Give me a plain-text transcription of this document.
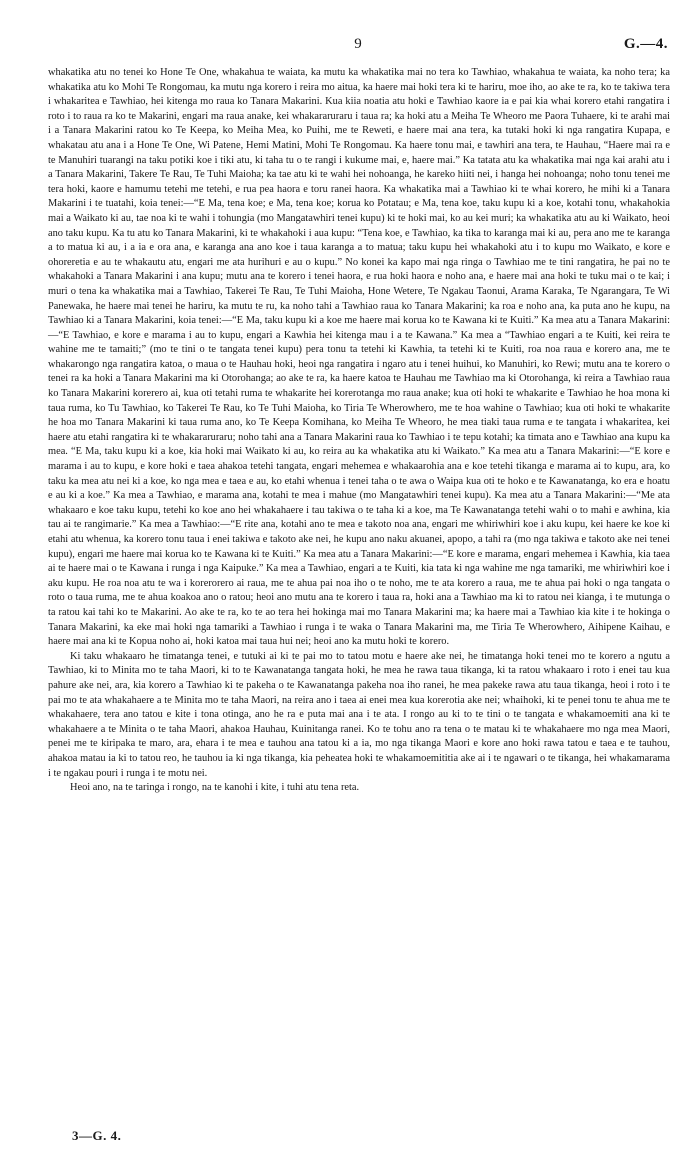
9	G.—4.

whakatika atu no tenei ko Hone Te One, whakahua te waiata, ka mutu ka whakatika mai no tera ko Tawhiao, whakahua te waiata, ka noho tera; ka whakatika atu ko Mohi Te Rongomau, ka mutu nga korero i reira mo aitua, ka haere mai hoki tera ki te hariru, moe iho, ao ake te ra, ko te takiwa tera i whakaritea e Tawhiao, hei kitenga mo raua ko Tanara Makarini. Kua kiia noatia atu hoki e Tawhiao kaore ia e pai kia whai korero etahi rangatira i roto i to raua ra ko te Makarini, engari ma raua anake, kei whakararuraru i taua ra; ka hoki atu a Meiha Te Wheoro me Paora Tuhaere, ki te arahi mai i a Tanara Makarini ratou ko Te Keepa, ko Meiha Mea, ko Puihi, me te Reweti, e haere mai ana tera, ka tutaki hoki ki nga rangatira Kupapa, e whakatau atu ana i a Hone Te One, Wi Patene, Hemi Matini, Mohi Te Rongomau. Ka haere tonu mai, e tawhiri ana tera, te Hauhau, “Haere mai ra e te Manuhiri tuarangi na taku potiki koe i tiki atu, ki taha tu o te rangi i kukume mai, e, haere mai.” Ka tatata atu ka whakatika mai nga kai arahi atu i a Tanara Makarini, Takere Te Rau, Te Tuhi Maioha; ka tae atu ki te wahi hei nohoanga, he kareko hiiti nei, i hanga hei nohoanga; noho tonu tenei me tera hoki, kaore e hamumu tetehi me tetehi, e rua pea haora e toru ranei haora. Ka whakatika mai a Tawhiao ki te whai korero, he mihi ki a Tanara Makarini i te tuatahi, koia tenei:—“E Ma, tena koe; e Ma, tena koe; korua ko Potatau; e Ma, tena koe, taku kupu ki a koe, kotahi tonu, whakahokia mai a Waikato ki au, tae noa ki te wahi i tohungia (mo Mangatawhiri tenei kupu) ki te hoki mai, ko au kei muri; ka whakatika atu au ki Waikato, heoi ano taku kupu. Ka tu atu ko Tanara Makarini, ki te whakahoki i aua kupu: “Tena koe, e Tawhiao, ka tika to karanga mai ki au, pera ano me te karanga a to matua ki au, i a ia e ora ana, e karanga ana ano koe i taua karanga a to matua; taku kupu hei whakahoki atu i to kupu mo Waikato, e kore e ohoreretia e au te whakautu atu, engari me ata hurihuri e au o kupu.” No konei ka kapo mai nga ringa o Tawhiao me te tini rangatira, he pai no te whakahoki a Tanara Makarini i ana kupu; mutu ana te korero i tenei haora, e rua hoki haora e noho ana, e haere mai ana hoki te tuku mai o te kai; i muri o tena ka whakatika mai a Tawhiao, Takerei Te Rau, Te Tuhi Maioha, Hone Wetere, Te Ngakau Taonui, Arama Karaka, Te Ngarangara, Te Wi Panewaka, he haere mai tenei he hariru, ka mutu te ru, ka noho tahi a Tawhiao raua ko Tanara Makarini; ka roa e noho ana, ka puta ano he kupu, na Tawhiao ki a Tanara Makarini, koia tenei:—“E Ma, taku kupu ki a koe me haere mai korua ko te Kawana ki te Kuiti.” Ka mea atu a Tanara Makarini:—“E Tawhiao, e kore e marama i au to kupu, engari a Kawhia hei kitenga mau i a te Kawana.” Ka mea a “Tawhiao engari a te Kuiti, kei reira te wahine me te tamaiti;” (mo te tini o te tangata tenei kupu) pera tonu ta tetehi ki Kawhia, ta tetehi ki te Kuiti, roa noa raua e korero ana, me te whakarongo nga rangatira katoa, o maua o te Hauhau hoki, heoi nga rangatira i ngaro atu i tenei huihui, ko Manuhiri, ko Rewi; mutu ana te korero o tenei ra ka hoki a Tanara Makarini ma ki Otorohanga; ao ake te ra, ka haere katoa te Hauhau me Tawhiao ma ki Otorohanga, ki reira a Tawhiao raua ko Tanara Makarini korerero ai, kua oti tetahi ruma te whakarite hei korerotanga mo raua anake; kua oti hoki te whakarite e Tawhiao he hoa mona ki taua ruma, ko Tu Tawhiao, ko Takerei Te Rau, ko Te Tuhi Maioha, ko Tiria Te Wherowhero, me te hoa wahine o Tawhiao; kua oti hoki te whakarite he hoa mo Tanara Makarini ki taua ruma ano, ko Te Keepa Komihana, ko Meiha Te Wheoro, he mea tiaki taua ruma e te tangata i whakaritea, kei haere atu etahi rangatira ki te whakararuraru; noho tahi ana a Tanara Makarini raua ko Tawhiao i te tepu kotahi; ka timata ano e Tawhiao ana kupu ka mea. “E Ma, taku kupu ki a koe, kia hoki mai Waikato ki au, ko reira au ka whakatika atu ki Waikato.” Ka mea atu a Tanara Makarini:—“E kore e marama i au to kupu, e kore hoki e taea ahakoa tetehi tangata, engari mehemea e whakaarohia ana e koe tetehi tikanga e marama ai to kupu, ara, ko taku ka mea atu nei ki a koe, ko nga mea e taea e au, ko etahi whenua i tenei taha o te awa o Waipa kua oti te hoko e te Kawanatanga, ko era e hoatu e au ki a koe.” Ka mea a Tawhiao, e marama ana, kotahi te mea i mahue (mo Mangatawhiri tenei kupu). Ka mea atu a Tanara Makarini:—“Me ata whakaaro e koe taku kupu, tetehi ko koe ano hei whakahaere i tau takiwa o te taha ki a koe, ma Te Kawanatanga tetehi wahi o to mahi e awhina, kia tau ai te rangimarie.” Ka mea a Tawhiao:—“E rite ana, kotahi ano te mea e takoto noa ana, engari me whiriwhiri koe i aku kupu, kei haere ke koe ki etahi atu whenua, ka korero tonu taua i enei takiwa e takoto ake nei, he kupu ano naku akuanei, apopo, a tahi ra (mo nga takiwa e takoto ake nei tenei kupu), engari me haere mai korua ko te Kawana ki te Kuiti.” Ka mea atu a Tanara Makarini:—“E kore e marama, engari mehemea i Kawhia, kia taea ai te haere mai o te Kawana i runga i nga Kaipuke.” Ka mea a Tawhiao, engari a te Kuiti, kia tata ki nga wahine me nga tamariki, me whiriwhiri koe i aku kupu. He roa noa atu te wa i korerorero ai raua, me te ahua pai noa iho o te noho, me te ata korero a raua, me te ahua pai hoki o nga tangata o roto o taua ruma, me te ahua koakoa ano o ratou; heoi ano mutu ana te korero i taua ra, hoki ana a Tawhiao ma ki to ratou nei kianga, i te mutunga o ta ratou kai tahi ko te Makarini. Ao ake te ra, ko te ao tera hei hokinga mai mo Tanara Makarini ma; ka haere mai a Tawhiao kia kite i te hokinga o Tanara Makarini, ka eke mai hoki nga tamariki a Tawhiao i runga i te waka o Tanara Makarini ma, me Tiria Te Wherowhero, Aihipene Kaihau, e haere mai ana ki te Kopua noho ai, hoki katoa mai taua hui nei; heoi ano ka mutu hoki te korero.

Ki taku whakaaro he timatanga tenei, e tutuki ai ki te pai mo to tatou motu e haere ake nei, he timatanga hoki tenei mo te korero a ngutu a Tawhiao, ki to Minita mo te taha Maori, ki to te Kawanatanga tangata hoki, he mea he rawa taua tikanga, ki ta ratou whakaaro i roto i enei tau kua pahure ake nei, ara, kia korero a Tawhiao ki te pakeha o te Kawanatanga pakeha noa iho ranei, he mea pakeke rawa atu taua tikanga, heoi i roto i te pai mo te ata whakahaere a te Minita mo te taha Maori, na reira ano i taea ai enei mea kua korerotia ake nei; whaihoki, ki te penei tonu te ahua me te whakahaere, tera ano tatou e kite i tona otinga, ano he ra e puta mai ana i te ata. I rongo au ki to te tini o te tangata e whakamoemiti ana ki te whakahaere a te Minita o te taha Maori, ahakoa Hauhau, Kuinitanga ranei. Ko te tohu ano ra tena o te matau ki te whakahaere mo nga mea Maori, penei me te kiripaka te maro, ara, ehara i te mea e tauhou ana tatou ki a ia, mo nga tikanga Maori e kore ano hoki rawa tatou e taea e te tauhou, ahakoa matau ia ki to tatou reo, he tauhou ia ki nga tikanga, kia peheatea hoki te whakamoemititia ake ai i te ngawari o te tikanga, hei whakamarama i te ngakau pouri i runga i te motu nei.

Heoi ano, na te taringa i rongo, na te kanohi i kite, i tuhi atu tena reta.

3—G. 4.
